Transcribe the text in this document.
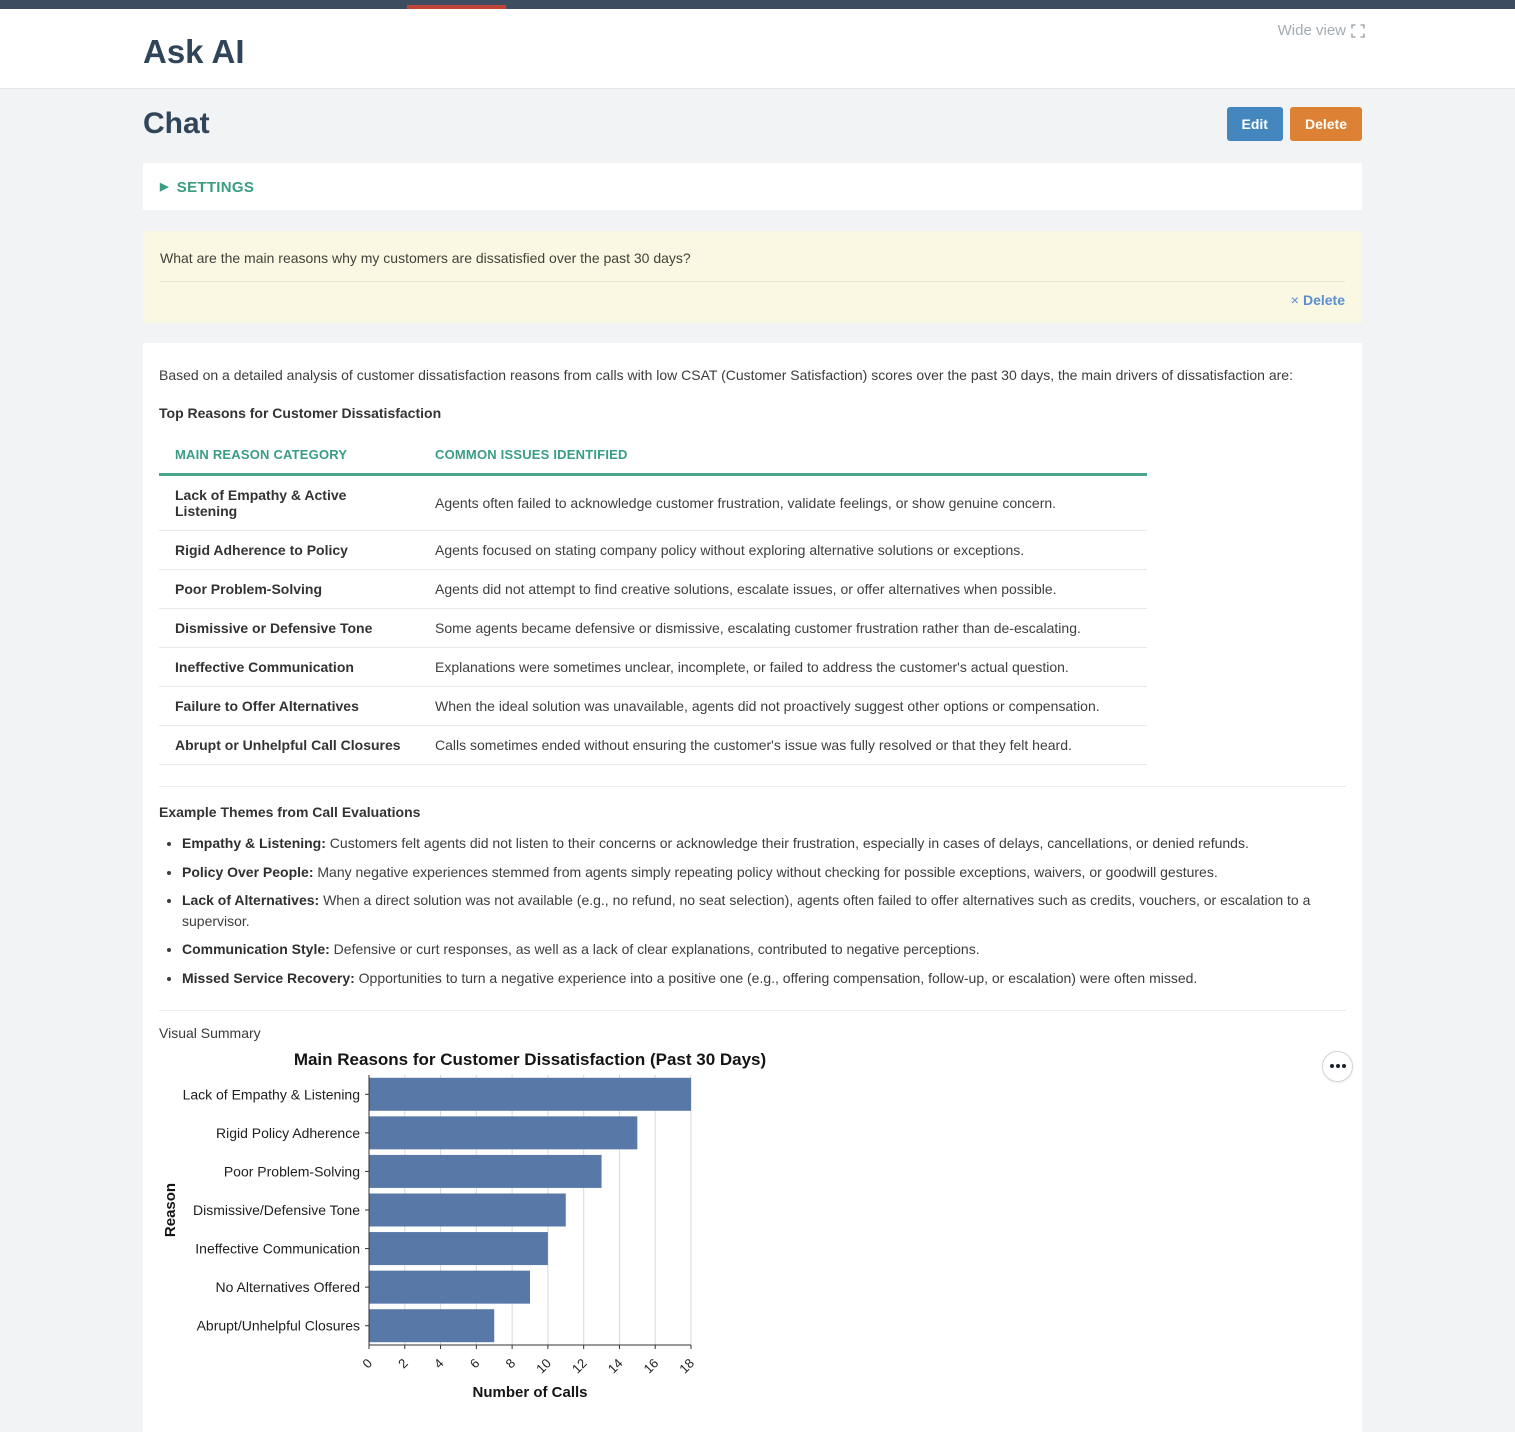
Ask AI
Wide view
Chat	Edit	Delete
▶ SETTINGS
What are the main reasons why my customers are dissatisfied over the past 30 days?
× Delete
Based on a detailed analysis of customer dissatisfaction reasons from calls with low CSAT (Customer Satisfaction) scores over the past 30 days, the main drivers of dissatisfaction are:
Top Reasons for Customer Dissatisfaction
MAIN REASON CATEGORY	COMMON ISSUES IDENTIFIED
Lack of Empathy & Active Listening	Agents often failed to acknowledge customer frustration, validate feelings, or show genuine concern.
Rigid Adherence to Policy	Agents focused on stating company policy without exploring alternative solutions or exceptions.
Poor Problem-Solving	Agents did not attempt to find creative solutions, escalate issues, or offer alternatives when possible.
Dismissive or Defensive Tone	Some agents became defensive or dismissive, escalating customer frustration rather than de-escalating.
Ineffective Communication	Explanations were sometimes unclear, incomplete, or failed to address the customer's actual question.
Failure to Offer Alternatives	When the ideal solution was unavailable, agents did not proactively suggest other options or compensation.
Abrupt or Unhelpful Call Closures	Calls sometimes ended without ensuring the customer's issue was fully resolved or that they felt heard.
Example Themes from Call Evaluations
• Empathy & Listening: Customers felt agents did not listen to their concerns or acknowledge their frustration, especially in cases of delays, cancellations, or denied refunds.
• Policy Over People: Many negative experiences stemmed from agents simply repeating policy without checking for possible exceptions, waivers, or goodwill gestures.
• Lack of Alternatives: When a direct solution was not available (e.g., no refund, no seat selection), agents often failed to offer alternatives such as credits, vouchers, or escalation to a supervisor.
• Communication Style: Defensive or curt responses, as well as a lack of clear explanations, contributed to negative perceptions.
• Missed Service Recovery: Opportunities to turn a negative experience into a positive one (e.g., offering compensation, follow-up, or escalation) were often missed.
Visual Summary
Main Reasons for Customer Dissatisfaction (Past 30 Days)
Lack of Empathy & Listening
Rigid Policy Adherence
Poor Problem-Solving
Dismissive/Defensive Tone
Ineffective Communication
No Alternatives Offered
Abrupt/Unhelpful Closures
0 2 4 6 8 10 12 14 16 18
Number of Calls
Reason
